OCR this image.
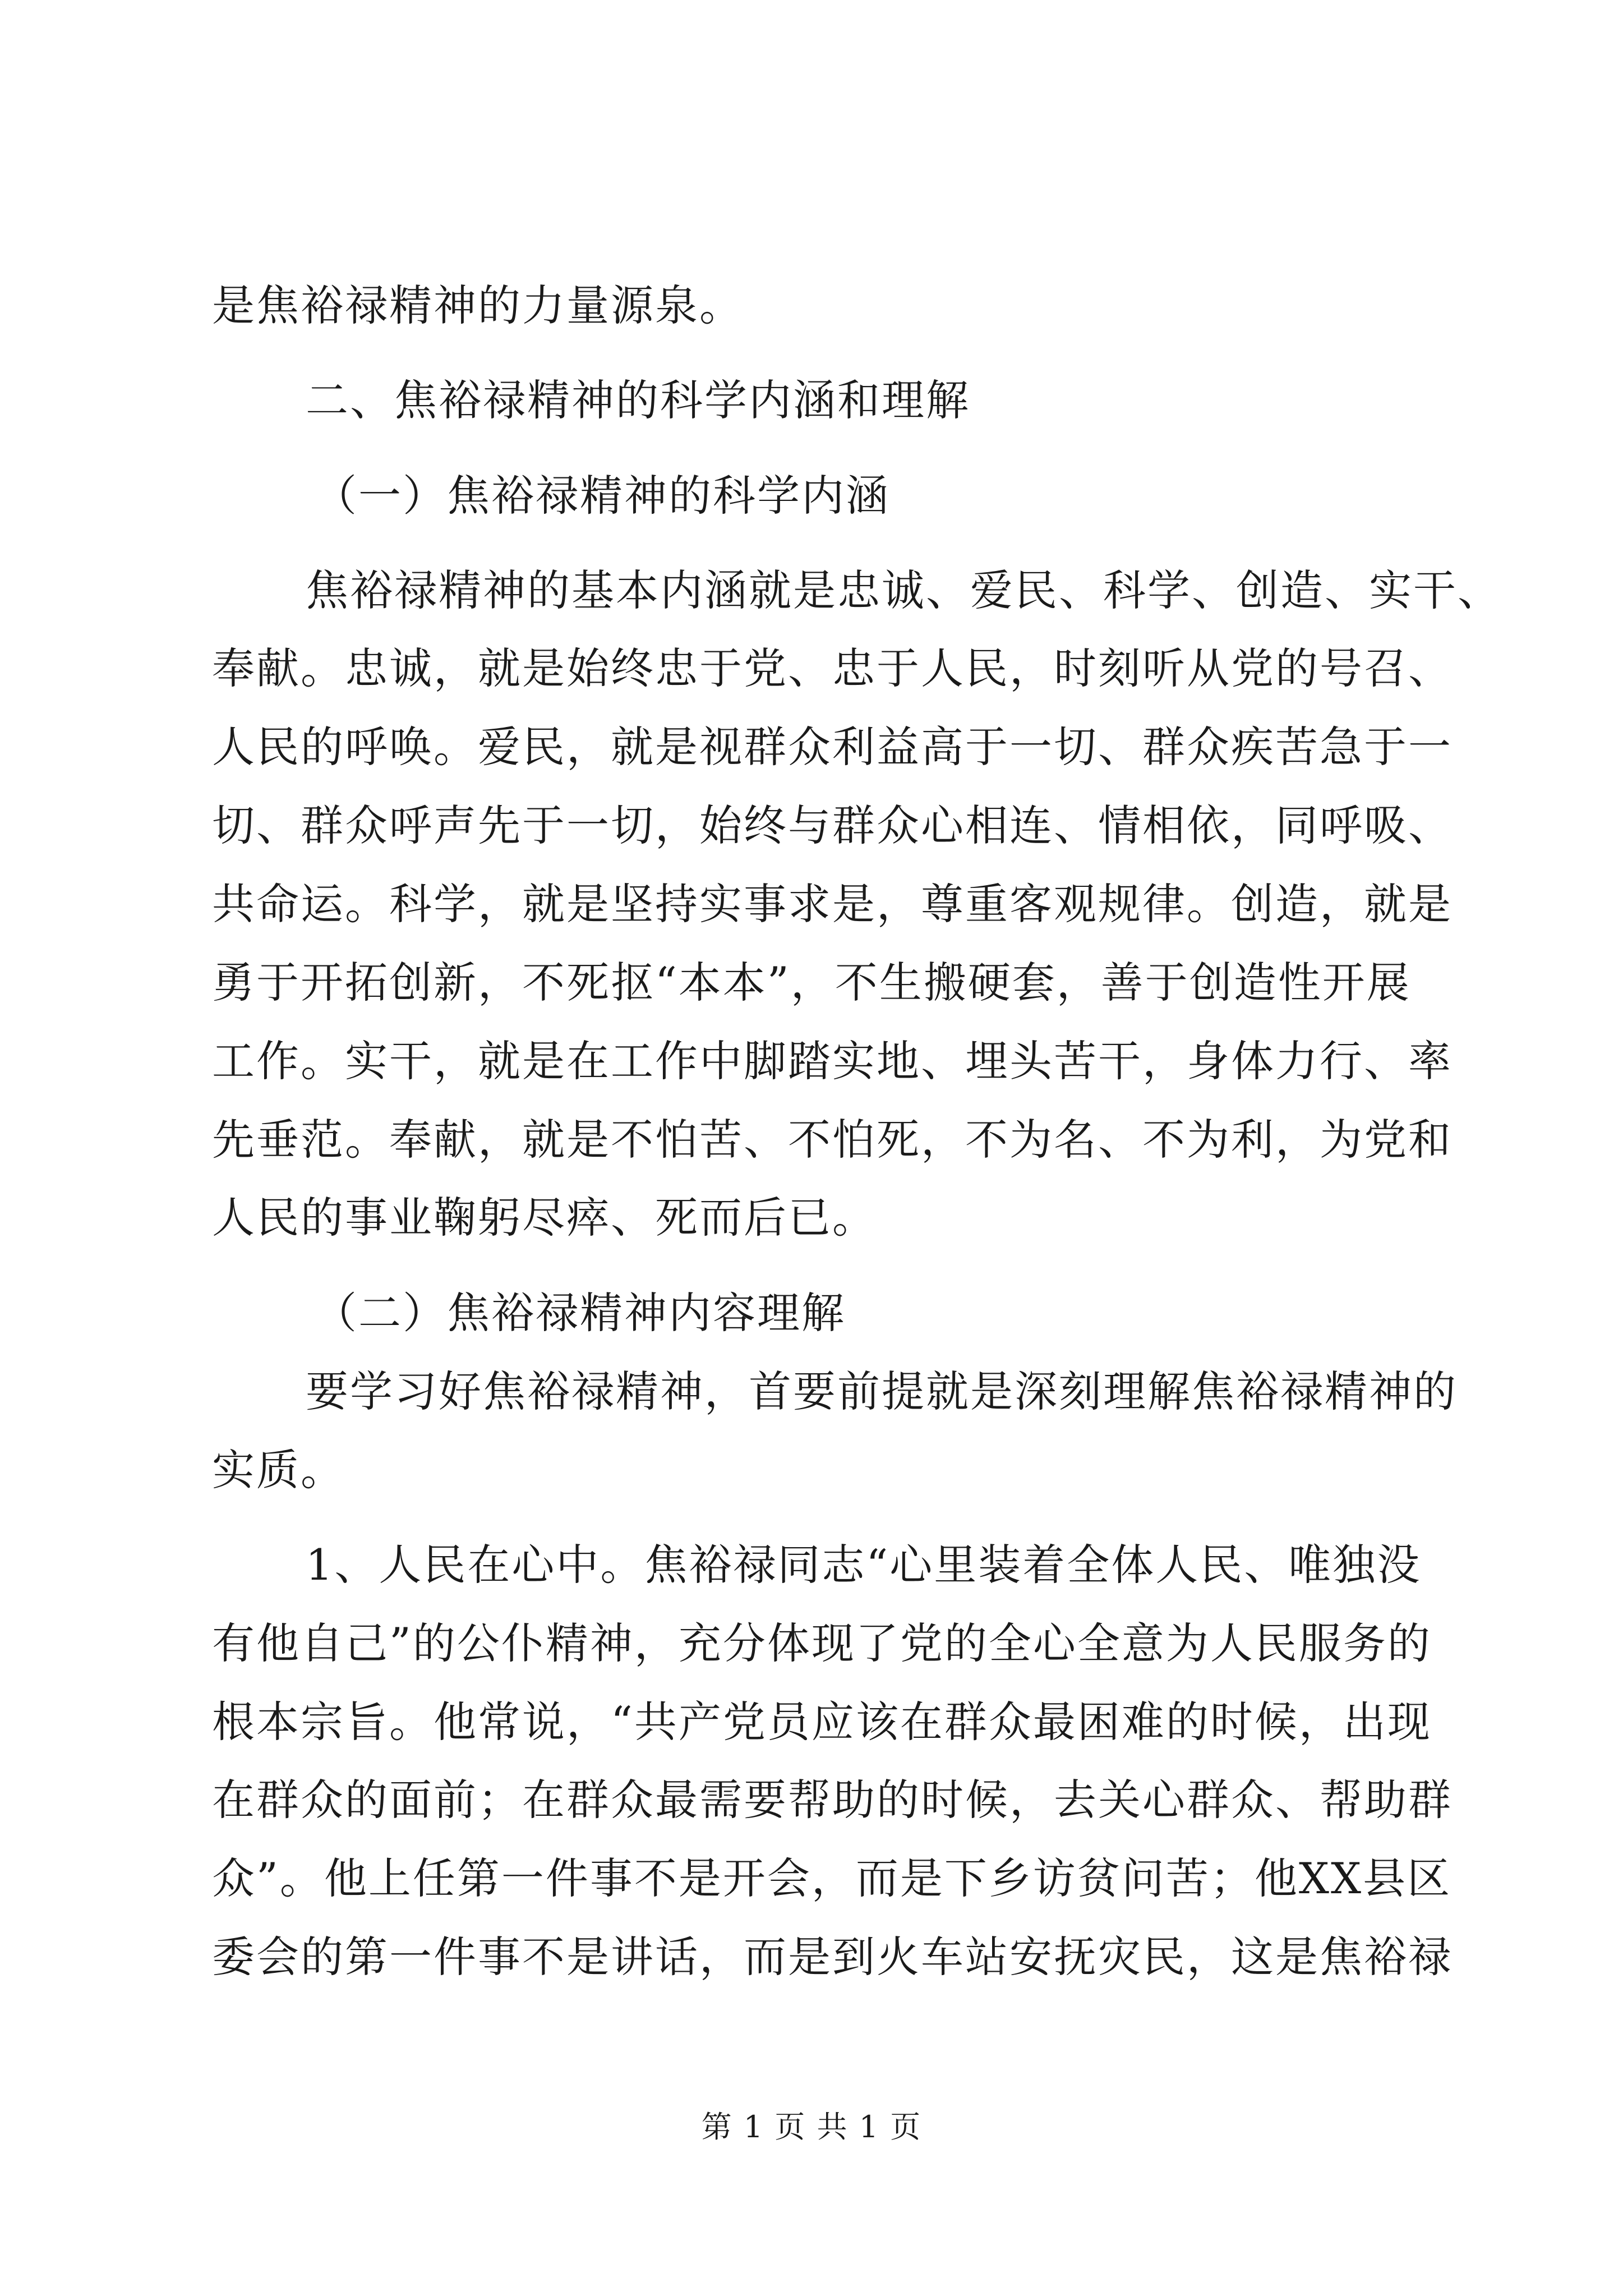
是焦裕禄精神的力量源泉。
二、焦裕禄精神的科学内涵和理解
（一）焦裕禄精神的科学内涵
焦裕禄精神的基本内涵就是忠诚、爱民、科学、创造、实干、
奉献。忠诚，就是始终忠于党、忠于人民，时刻听从党的号召、
人民的呼唤。爱民，就是视群众利益高于一切、群众疾苦急于一
切、群众呼声先于一切，始终与群众心相连、情相依，同呼吸、
共命运。科学，就是坚持实事求是，尊重客观规律。创造，就是
勇于开拓创新，不死抠“本本”，不生搬硬套，善于创造性开展
工作。实干，就是在工作中脚踏实地、埋头苦干，身体力行、率
先垂范。奉献，就是不怕苦、不怕死，不为名、不为利，为党和
人民的事业鞠躬尽瘁、死而后已。
（二）焦裕禄精神内容理解
要学习好焦裕禄精神，首要前提就是深刻理解焦裕禄精神的
实质。
1、人民在心中。焦裕禄同志“心里装着全体人民、唯独没
有他自己”的公仆精神，充分体现了党的全心全意为人民服务的
根本宗旨。他常说，“共产党员应该在群众最困难的时候，出现
在群众的面前；在群众最需要帮助的时候，去关心群众、帮助群
众”。他上任第一件事不是开会，而是下乡访贫问苦；他XX县区
委会的第一件事不是讲话，而是到火车站安抚灾民，这是焦裕禄
第 1 页 共 1 页
